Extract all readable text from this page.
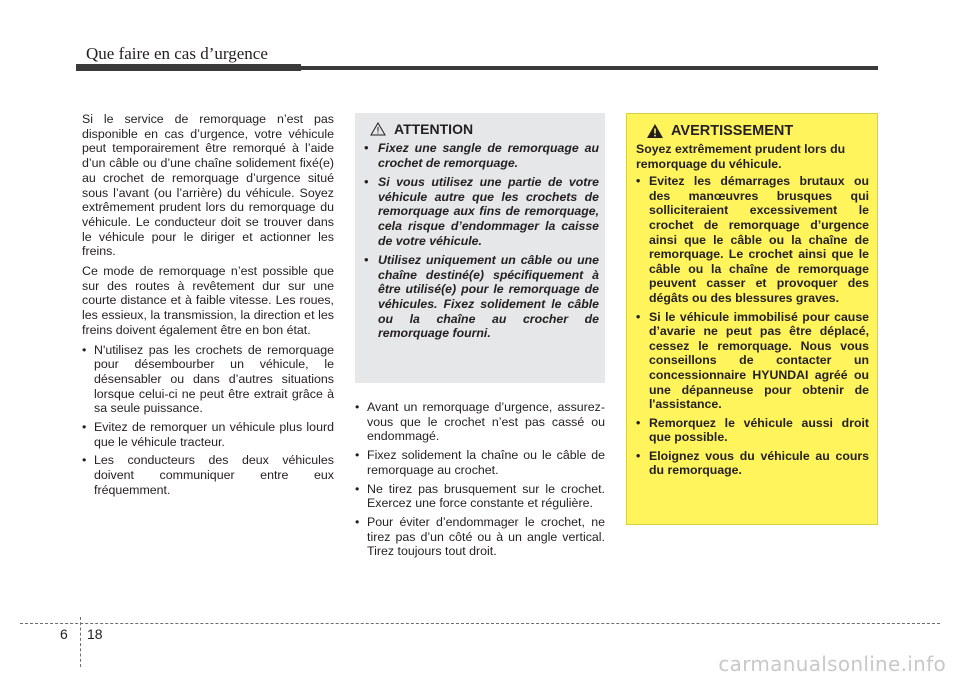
Que faire en cas d’urgence

Si le service de remorquage n’est pas disponible en cas d’urgence, votre véhicule peut temporairement être remorqué à l’aide d’un câble ou d’une chaîne solidement fixé(e) au crochet de remorquage d’urgence situé sous l’avant (ou l’arrière) du véhicule. Soyez extrêmement prudent lors du remorquage du véhicule. Le conducteur doit se trouver dans le véhicule pour le diriger et actionner les freins.

Ce mode de remorquage n’est possible que sur des routes à revêtement dur sur une courte distance et à faible vitesse. Les roues, les essieux, la transmission, la direction et les freins doivent également être en bon état.

• N'utilisez pas les crochets de remorquage pour désembourber un véhicule, le désensabler ou dans d’autres situations lorsque celui-ci ne peut être extrait grâce à sa seule puissance.
• Evitez de remorquer un véhicule plus lourd que le véhicule tracteur.
• Les conducteurs des deux véhicules doivent communiquer entre eux fréquemment.
ATTENTION
• Fixez une sangle de remorquage au crochet de remorquage.
• Si vous utilisez une partie de votre véhicule autre que les crochets de remorquage aux fins de remorquage, cela risque d’endommager la caisse de votre véhicule.
• Utilisez uniquement un câble ou une chaîne destiné(e) spécifiquement à être utilisé(e) pour le remorquage de véhicules. Fixez solidement le câble ou la chaîne au crocher de remorquage fourni.
• Avant un remorquage d’urgence, assurez-vous que le crochet n’est pas cassé ou endommagé.
• Fixez solidement la chaîne ou le câble de remorquage au crochet.
• Ne tirez pas brusquement sur le crochet. Exercez une force constante et régulière.
• Pour éviter d’endommager le crochet, ne tirez pas d’un côté ou à un angle vertical. Tirez toujours tout droit.
AVERTISSEMENT

Soyez extrêmement prudent lors du remorquage du véhicule.

• Evitez les démarrages brutaux ou des manœuvres brusques qui solliciteraient excessivement le crochet de remorquage d’urgence ainsi que le câble ou la chaîne de remorquage. Le crochet ainsi que le câble ou la chaîne de remorquage peuvent casser et provoquer des dégâts ou des blessures graves.
• Si le véhicule immobilisé pour cause d’avarie ne peut pas être déplacé, cessez le remorquage. Nous vous conseillons de contacter un concessionnaire HYUNDAI agréé ou une dépanneuse pour obtenir de l'assistance.
• Remorquez le véhicule aussi droit que possible.
• Eloignez vous du véhicule au cours du remorquage.
6 18
carmanualsonline.info
